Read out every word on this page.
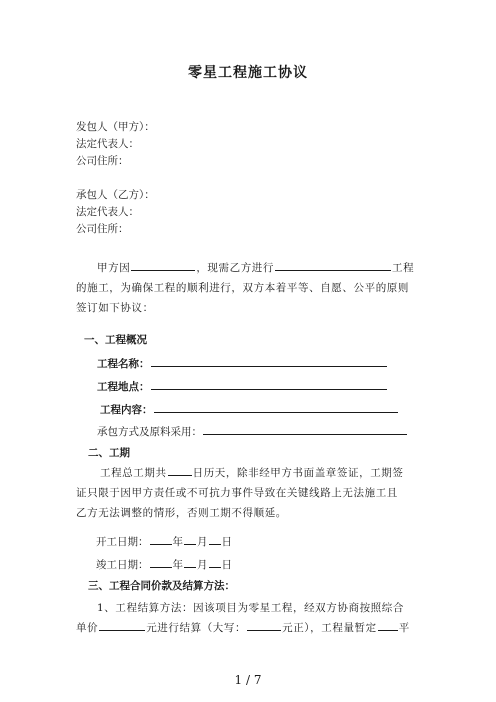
零星工程施工协议
发包人（甲方）：
法定代表人：
公司住所：
承包人（乙方）：
法定代表人：
公司住所：
甲方因	，现需乙方进行	工程
的施工，为确保工程的顺利进行，双方本着平等、自愿、公平的原则
签订如下协议：
一、工程概况
工程名称：
工程地点：
工程内容：
承包方式及原料采用：
二、工期
工程总工期共 日历天，除非经甲方书面盖章签证，工期签
证只限于因甲方责任或不可抗力事件导致在关键线路上无法施工且
乙方无法调整的情形，否则工期不得顺延。
开工日期： 年 月 日
竣工日期： 年 月 日
三、工程合同价款及结算方法：
1、工程结算方法：因该项目为零星工程，经双方协商按照综合
单价	元进行结算（大写：	元正），工程量暂定 平
1 / 7
